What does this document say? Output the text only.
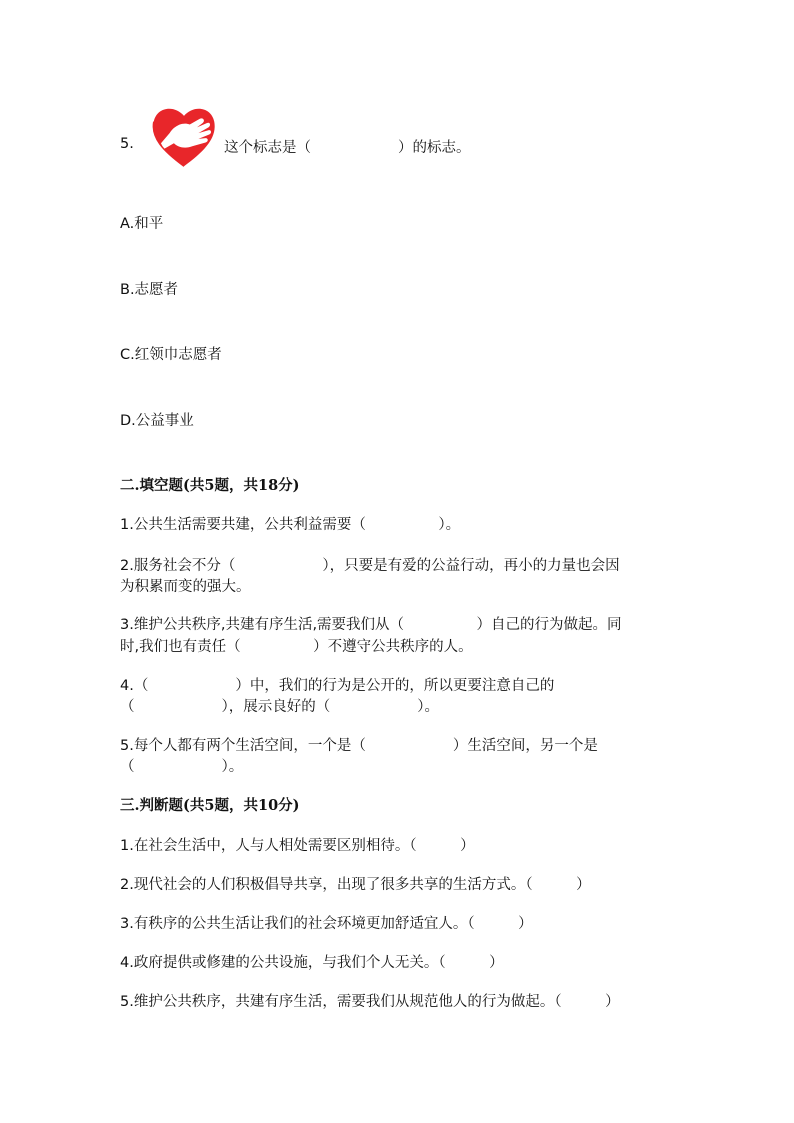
5.	这个标志是（　　　　　　）的标志。
A.和平
B.志愿者
C.红领巾志愿者
D.公益事业
二.填空题(共5题，共18分)
1.公共生活需要共建，公共利益需要（　　　　　）。
2.服务社会不分（　　　　　　），只要是有爱的公益行动，再小的力量也会因
为积累而变的强大。
3.维护公共秩序,共建有序生活,需要我们从（　　　　　）自己的行为做起。同
时,我们也有责任（　　　　　）不遵守公共秩序的人。
4.（　　　　　　）中，我们的行为是公开的，所以更要注意自己的
（　　　　　　），展示良好的（　　　　　　）。
5.每个人都有两个生活空间，一个是（　　　　　　）生活空间，另一个是
（　　　　　　）。
三.判断题(共5题，共10分)
1.在社会生活中，人与人相处需要区别相待。（　　　）
2.现代社会的人们积极倡导共享，出现了很多共享的生活方式。（　　　）
3.有秩序的公共生活让我们的社会环境更加舒适宜人。（　　　）
4.政府提供或修建的公共设施，与我们个人无关。（　　　）
5.维护公共秩序，共建有序生活，需要我们从规范他人的行为做起。（　　　）
